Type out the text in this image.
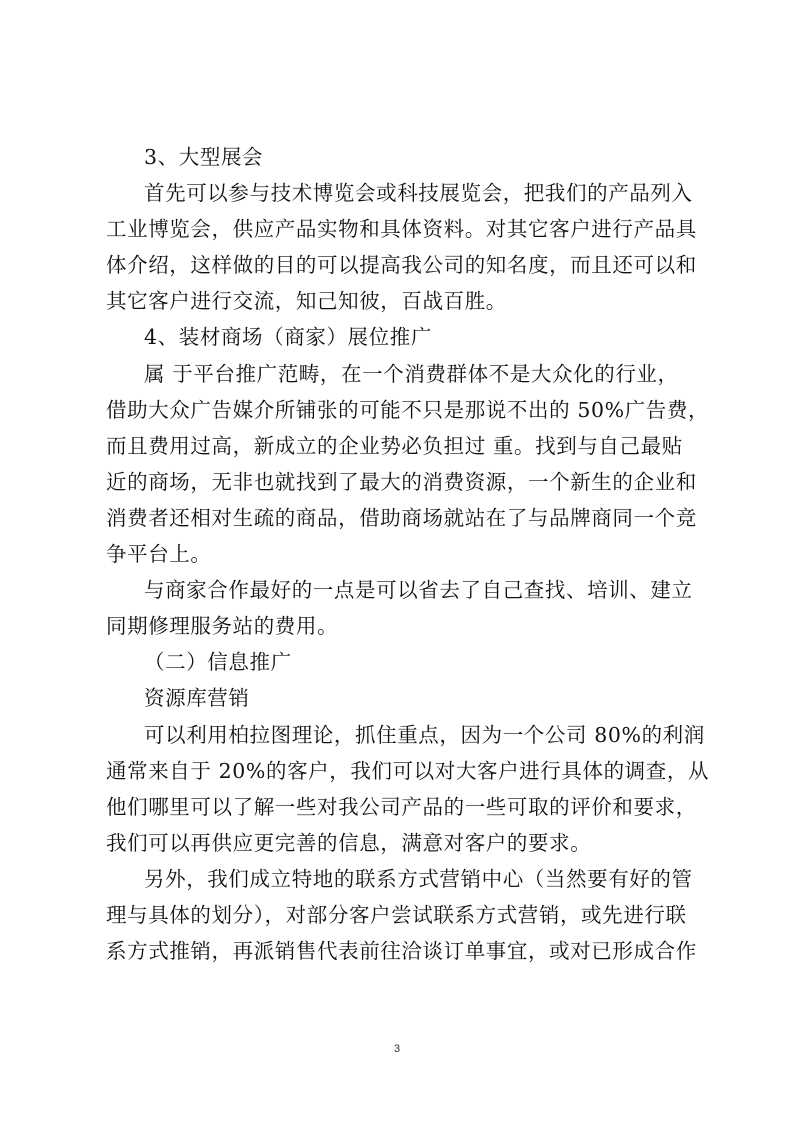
3、大型展会
首先可以参与技术博览会或科技展览会，把我们的产品列入
工业博览会，供应产品实物和具体资料。对其它客户进行产品具
体介绍，这样做的目的可以提高我公司的知名度，而且还可以和
其它客户进行交流，知己知彼，百战百胜。
4、装材商场（商家）展位推广
属 于平台推广范畴，在一个消费群体不是大众化的行业，
借助大众广告媒介所铺张的可能不只是那说不出的 50%广告费，
而且费用过高，新成立的企业势必负担过 重。找到与自己最贴
近的商场，无非也就找到了最大的消费资源，一个新生的企业和
消费者还相对生疏的商品，借助商场就站在了与品牌商同一个竞
争平台上。
与商家合作最好的一点是可以省去了自己查找、培训、建立
同期修理服务站的费用。
（二）信息推广
资源库营销
可以利用柏拉图理论，抓住重点，因为一个公司 80%的利润
通常来自于 20%的客户，我们可以对大客户进行具体的调查，从
他们哪里可以了解一些对我公司产品的一些可取的评价和要求，
我们可以再供应更完善的信息，满意对客户的要求。
另外，我们成立特地的联系方式营销中心（当然要有好的管
理与具体的划分），对部分客户尝试联系方式营销，或先进行联
系方式推销，再派销售代表前往洽谈订单事宜，或对已形成合作
3
